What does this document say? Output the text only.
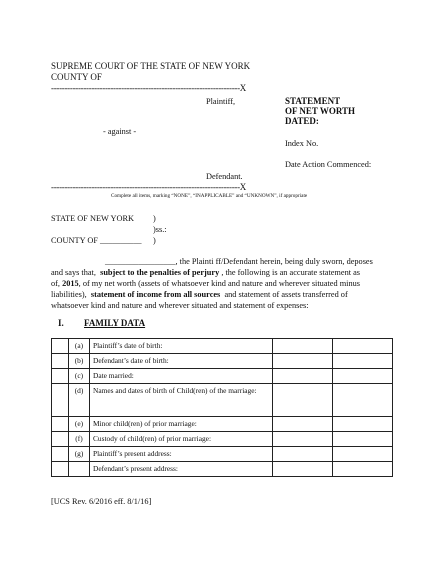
SUPREME COURT OF THE STATE OF NEW YORK
COUNTY OF
----------------------------------------------------------------------X
Plaintiff,
- against -
Defendant.
----------------------------------------------------------------------X
Complete all items, marking “NONE”, “INAPPLICABLE” and “UNKNOWN”, if appropriate
STATEMENT
OF NET WORTH
DATED:
Index No.
Date Action Commenced:
STATE OF NEW YORK )
)ss.:
COUNTY OF __________ )
_________________, the Plainti ff/Defendant herein, being duly sworn, deposes
and says that, subject to the penalties of perjury , the following is an accurate statement as
of, 2015, of my net worth (assets of whatsoever kind and nature and wherever situated minus
liabilities), statement of income from all sources and statement of assets transferred of
whatsoever kind and nature and wherever situated and statement of expenses:
I. FAMILY DATA
	(a)	Plaintiff’s date of birth:		
	(b)	Defendant’s date of birth:		
	(c)	Date married:		
	(d)	Names and dates of birth of Child(ren) of the marriage:		
	(e)	Minor child(ren) of prior marriage:		
	(f)	Custody of child(ren) of prior marriage:		
	(g)	Plaintiff’s present address:		
		Defendant’s present address:		
[UCS Rev. 6/2016 eff. 8/1/16]
